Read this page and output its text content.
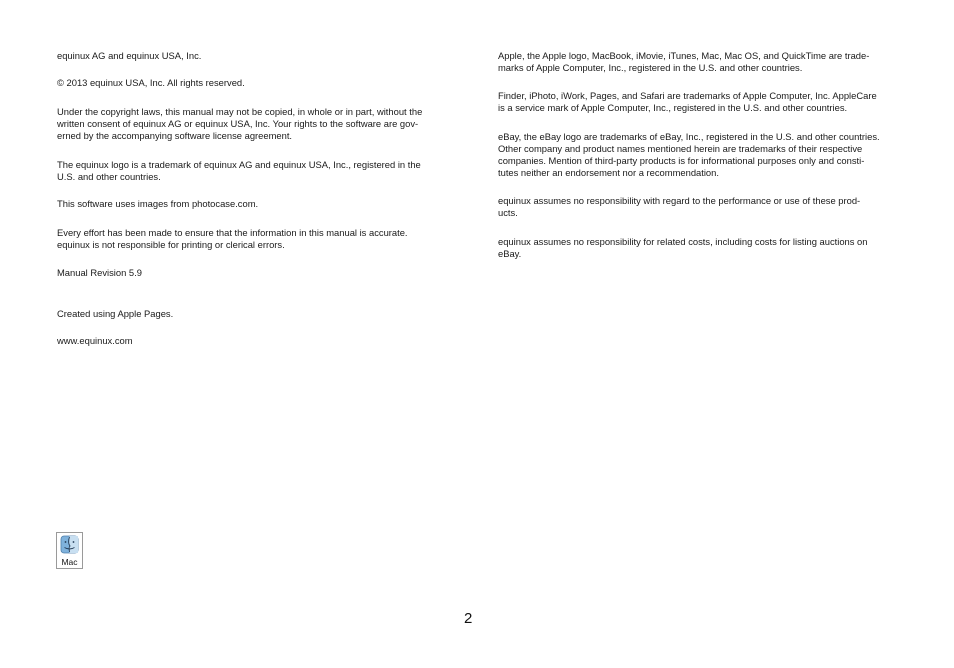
equinux AG and equinux USA, Inc.

© 2013 equinux USA, Inc. All rights reserved.

Under the copyright laws, this manual may not be copied, in whole or in part, without the
written consent of equinux AG or equinux USA, Inc. Your rights to the software are gov-
erned by the accompanying software license agreement.

The equinux logo is a trademark of equinux AG and equinux USA, Inc., registered in the
U.S. and other countries.

This software uses images from photocase.com.

Every effort has been made to ensure that the information in this manual is accurate.
equinux is not responsible for printing or clerical errors.

Manual Revision 5.9

Created using Apple Pages.

www.equinux.com

Apple, the Apple logo, MacBook, iMovie, iTunes, Mac, Mac OS, and QuickTime are trade-
marks of Apple Computer, Inc., registered in the U.S. and other countries.

Finder, iPhoto, iWork, Pages, and Safari are trademarks of Apple Computer, Inc. AppleCare
is a service mark of Apple Computer, Inc., registered in the U.S. and other countries.

eBay, the eBay logo are trademarks of eBay, Inc., registered in the U.S. and other countries.
Other company and product names mentioned herein are trademarks of their respective
companies. Mention of third-party products is for informational purposes only and consti-
tutes neither an endorsement nor a recommendation.

equinux assumes no responsibility with regard to the performance or use of these prod-
ucts.

equinux assumes no responsibility for related costs, including costs for listing auctions on
eBay.

Mac
2
